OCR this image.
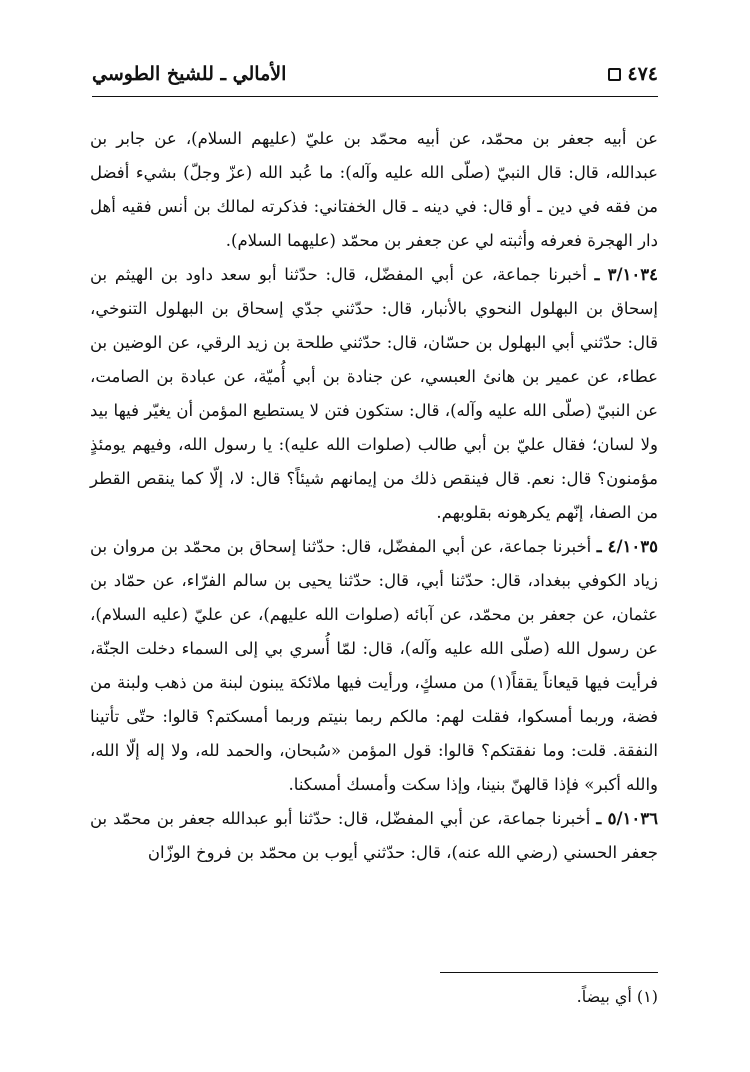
٤٧٤
الأمالي ـ للشيخ الطوسي

عن أبيه جعفر بن محمّد، عن أبيه محمّد بن عليّ (عليهم السلام)، عن جابر بن عبدالله، قال: قال النبيّ (صلّى الله عليه وآله): ما عُبد الله (عزّ وجلّ) بشيء أفضل من فقه في دين ـ أو قال: في دينه ـ قال الخفتاني: فذكرته لمالك بن أنس فقيه أهل دار الهجرة فعرفه وأثبته لي عن جعفر بن محمّد (عليهما السلام).

٣/١٠٣٤ ـ أخبرنا جماعة، عن أبي المفضّل، قال: حدّثنا أبو سعد داود بن الهيثم بن إسحاق بن البهلول النحوي بالأنبار، قال: حدّثني جدّي إسحاق بن البهلول التنوخي، قال: حدّثني أبي البهلول بن حسّان، قال: حدّثني طلحة بن زيد الرقي، عن الوضين بن عطاء، عن عمير بن هانئ العبسي، عن جنادة بن أبي أُميّة، عن عبادة بن الصامت، عن النبيّ (صلّى الله عليه وآله)، قال: ستكون فتن لا يستطيع المؤمن أن يغيّر فيها بيد ولا لسان؛ فقال عليّ بن أبي طالب (صلوات الله عليه): يا رسول الله، وفيهم يومئذٍ مؤمنون؟ قال: نعم. قال فينقص ذلك من إيمانهم شيئاً؟ قال: لا، إلّا كما ينقص القطر من الصفا، إنّهم يكرهونه بقلوبهم.

٤/١٠٣٥ ـ أخبرنا جماعة، عن أبي المفضّل، قال: حدّثنا إسحاق بن محمّد بن مروان بن زياد الكوفي ببغداد، قال: حدّثنا أبي، قال: حدّثنا يحيى بن سالم الفرّاء، عن حمّاد بن عثمان، عن جعفر بن محمّد، عن آبائه (صلوات الله عليهم)، عن عليّ (عليه السلام)، عن رسول الله (صلّى الله عليه وآله)، قال: لمّا أُسري بي إلى السماء دخلت الجنّة، فرأيت فيها قيعاناً يققاً(١) من مسكٍ، ورأيت فيها ملائكة يبنون لبنة من ذهب ولبنة من فضة، وربما أمسكوا، فقلت لهم: مالكم ربما بنيتم وربما أمسكتم؟ قالوا: حتّى تأتينا النفقة. قلت: وما نفقتكم؟ قالوا: قول المؤمن «سُبحان، والحمد لله، ولا إله إلّا الله، والله أكبر» فإذا قالهنّ بنينا، وإذا سكت وأمسك أمسكنا.

٥/١٠٣٦ ـ أخبرنا جماعة، عن أبي المفضّل، قال: حدّثنا أبو عبدالله جعفر بن محمّد بن جعفر الحسني (رضي الله عنه)، قال: حدّثني أيوب بن محمّد بن فروخ الوزّان

(١) أي بيضاً.
